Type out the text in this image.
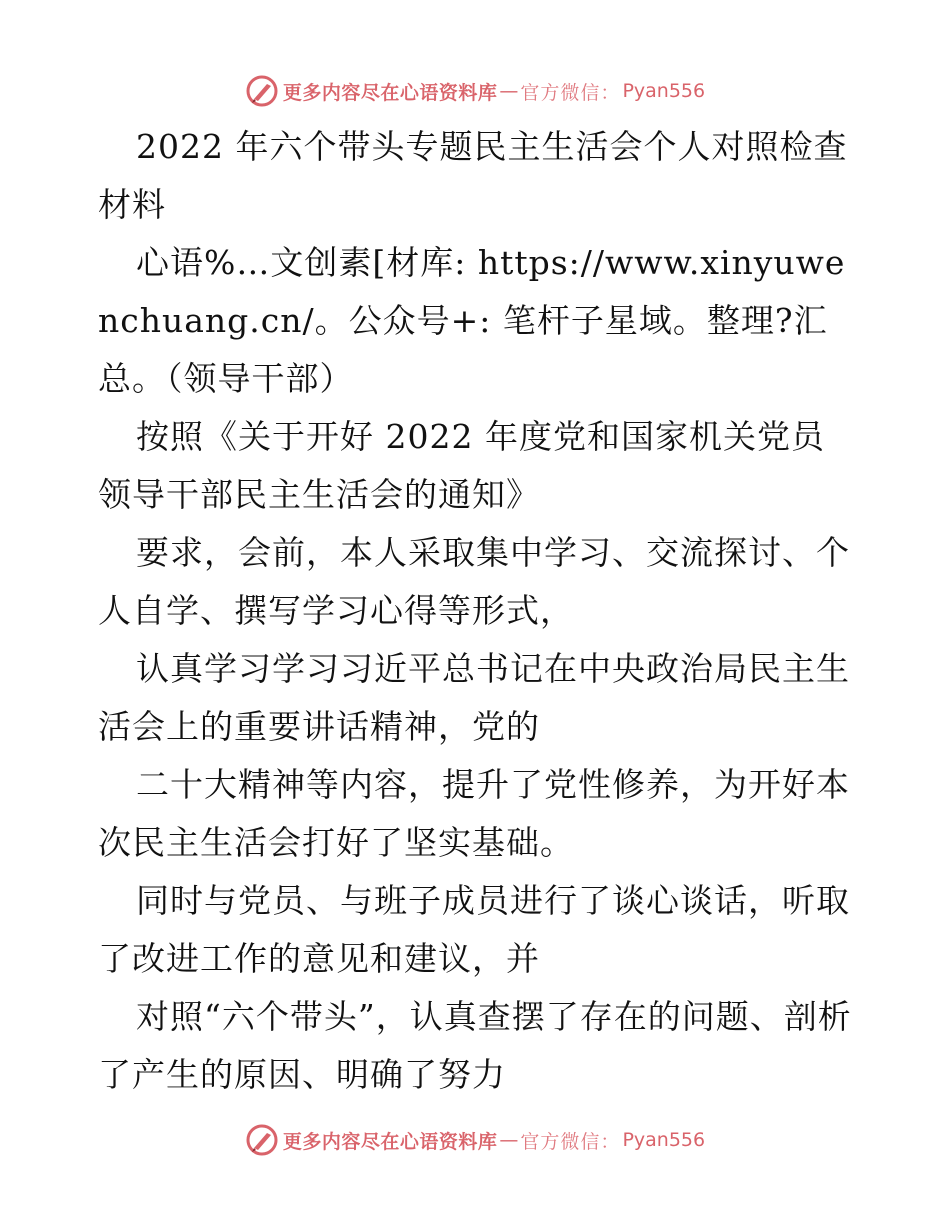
更多内容尽在心语资料库 — 官方微信： Pyan556

2022 年六个带头专题民主生活会个人对照检查材料

心语%…文创素[材库: https://www.xinyuwenchuang.cn/。公众号+: 笔杆子星域。整理?汇总。（领导干部）

按照《关于开好 2022 年度党和国家机关党员领导干部民主生活会的通知》

要求，会前，本人采取集中学习、交流探讨、个人自学、撰写学习心得等形式，

认真学习学习习近平总书记在中央政治局民主生活会上的重要讲话精神，党的

二十大精神等内容，提升了党性修养，为开好本次民主生活会打好了坚实基础。

同时与党员、与班子成员进行了谈心谈话，听取了改进工作的意见和建议，并

对照“六个带头”，认真查摆了存在的问题、剖析了产生的原因、明确了努力

更多内容尽在心语资料库 — 官方微信： Pyan556
